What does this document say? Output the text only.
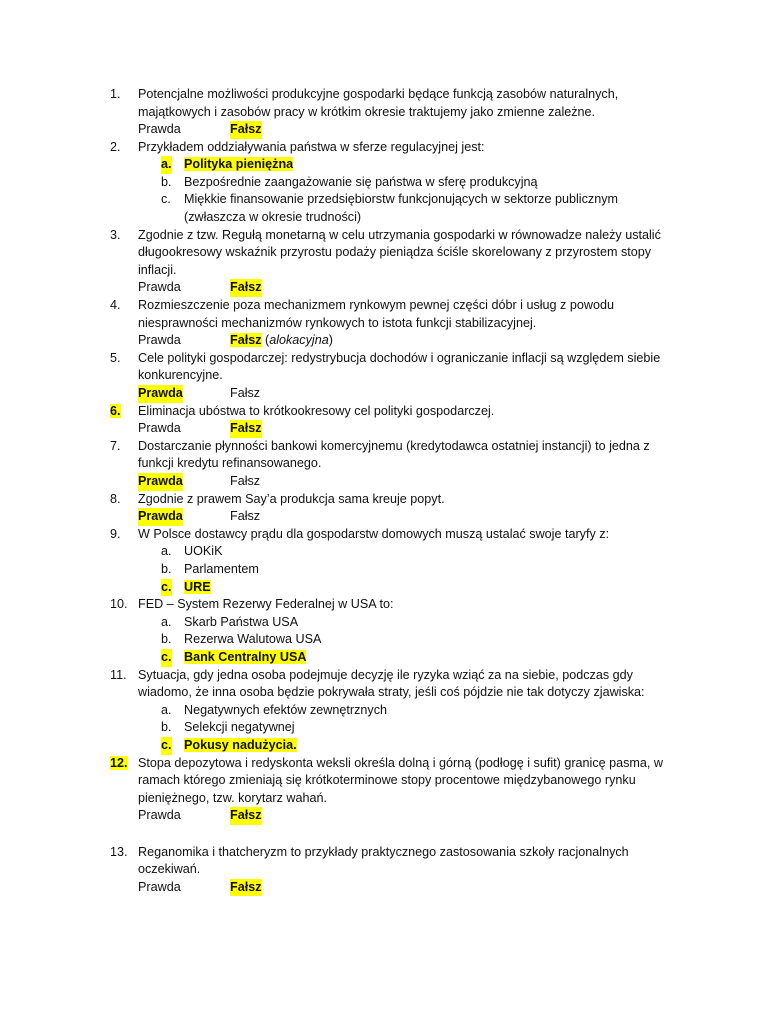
1.	Potencjalne możliwości produkcyjne gospodarki będące funkcją zasobów naturalnych, majątkowych i zasobów pracy w krótkim okresie traktujemy jako zmienne zależne.
Prawda	Fałsz
2.	Przykładem oddziaływania państwa w sferze regulacyjnej jest:
a. Polityka pieniężna
b. Bezpośrednie zaangażowanie się państwa w sferę produkcyjną
c. Miękkie finansowanie przedsiębiorstw funkcjonujących w sektorze publicznym (zwłaszcza w okresie trudności)
3.	Zgodnie z tzw. Regułą monetarną w celu utrzymania gospodarki w równowadze należy ustalić długookresowy wskaźnik przyrostu podaży pieniądza ściśle skorelowany z przyrostem stopy inflacji.
Prawda	Fałsz
4.	Rozmieszczenie poza mechanizmem rynkowym pewnej części dóbr i usług z powodu niesprawności mechanizmów rynkowych to istota funkcji stabilizacyjnej.
Prawda	Fałsz (alokacyjna)
5.	Cele polityki gospodarczej: redystrybucja dochodów i ograniczanie inflacji są względem siebie konkurencyjne.
Prawda	Fałsz
6.	Eliminacja ubóstwa to krótkookresowy cel polityki gospodarczej.
Prawda	Fałsz
7.	Dostarczanie płynności bankowi komercyjnemu (kredytodawca ostatniej instancji) to jedna z funkcji kredytu refinansowanego.
Prawda	Fałsz
8.	Zgodnie z prawem Say’a produkcja sama kreuje popyt.
Prawda	Fałsz
9.	W Polsce dostawcy prądu dla gospodarstw domowych muszą ustalać swoje taryfy z:
a. UOKiK
b. Parlamentem
c. URE
10. FED – System Rezerwy Federalnej w USA to:
a. Skarb Państwa USA
b. Rezerwa Walutowa USA
c. Bank Centralny USA
11. Sytuacja, gdy jedna osoba podejmuje decyzję ile ryzyka wziąć za na siebie, podczas gdy wiadomo, że inna osoba będzie pokrywała straty, jeśli coś pójdzie nie tak dotyczy zjawiska:
a. Negatywnych efektów zewnętrznych
b. Selekcji negatywnej
c. Pokusy nadużycia.
12. Stopa depozytowa i redyskonta weksli określa dolną i górną (podłogę i sufit) granicę pasma, w ramach którego zmieniają się krótkoterminowe stopy procentowe międzybanowego rynku pieniężnego, tzw. korytarz wahań.
Prawda	Fałsz
13. Reganomika i thatcheryzm to przykłady praktycznego zastosowania szkoły racjonalnych oczekiwań.
Prawda	Fałsz
